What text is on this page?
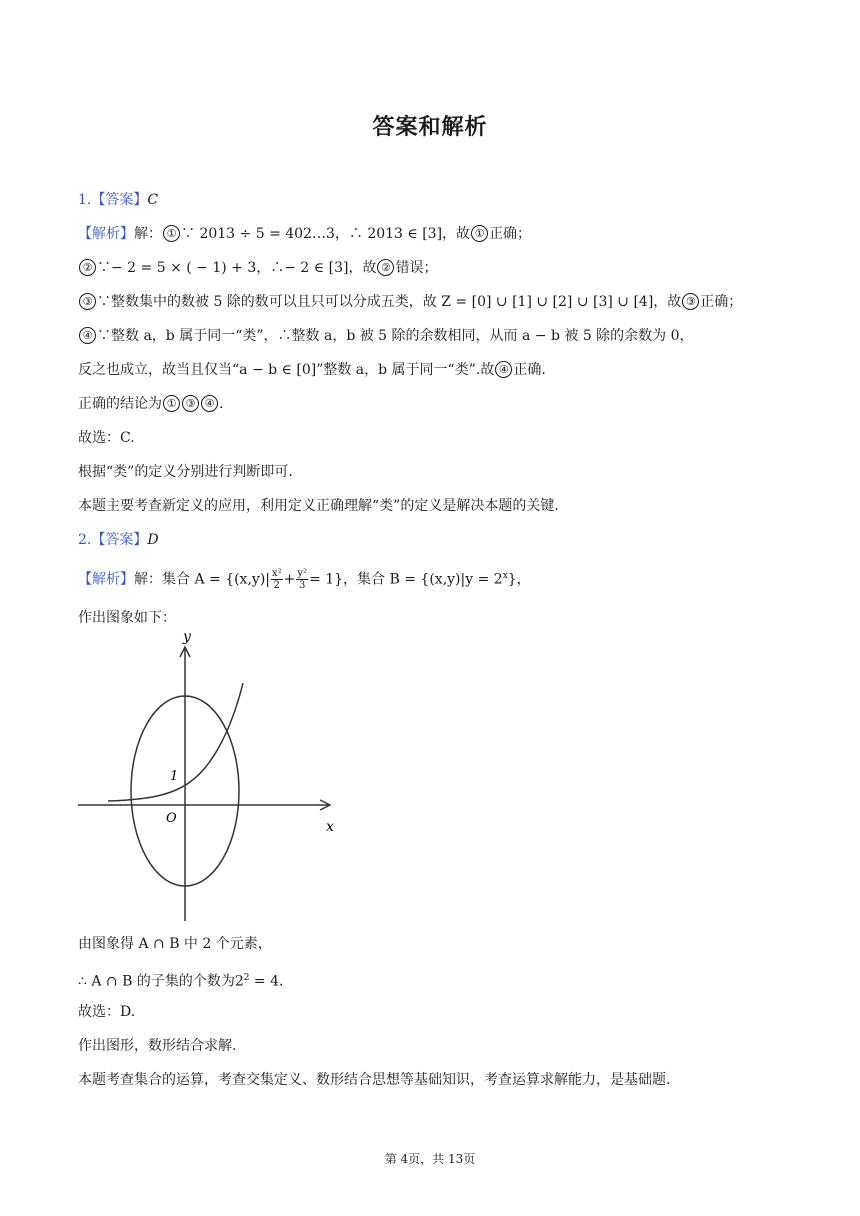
答案和解析
1.【答案】C
【解析】解： ① ∵ 2013 ÷ 5 = 402…3，∴ 2013 ∈ [3]，故 ① 正确；
② ∵− 2 = 5 × ( − 1) + 3，∴− 2 ∈ [3]，故 ② 错误；
③ ∵整数集中的数被 5 除的数可以且只可以分成五类，故 Z = [0] ∪ [1] ∪ [2] ∪ [3] ∪ [4]，故 ③ 正确；
④ ∵整数 a，b 属于同一“类”，∴整数 a，b 被 5 除的余数相同，从而 a − b 被 5 除的余数为 0，
反之也成立，故当且仅当“a − b ∈ [0]”整数 a，b 属于同一“类”.故 ④ 正确.
正确的结论为 ① ③ ④ .
故选：C.
根据“类”的定义分别进行判断即可.
本题主要考查新定义的应用，利用定义正确理解“类”的定义是解决本题的关键.
2.【答案】D
【解析】解：集合 $A = \{(x,y)| \frac{\text{x²}}{2} + \frac{\text{y²}}{3} = 1\}$，集合 $B = \{(x,y)|y = 2^x\}$，
作出图象如下：
y
x
O
1
由图象得 A ∩ B 中 2 个元素，
∴ A ∩ B 的子集的个数为$2^2 = 4$.
故选：D.
作出图形，数形结合求解.
本题考查集合的运算，考查交集定义、数形结合思想等基础知识，考查运算求解能力，是基础题.
第 4页，共 13页
